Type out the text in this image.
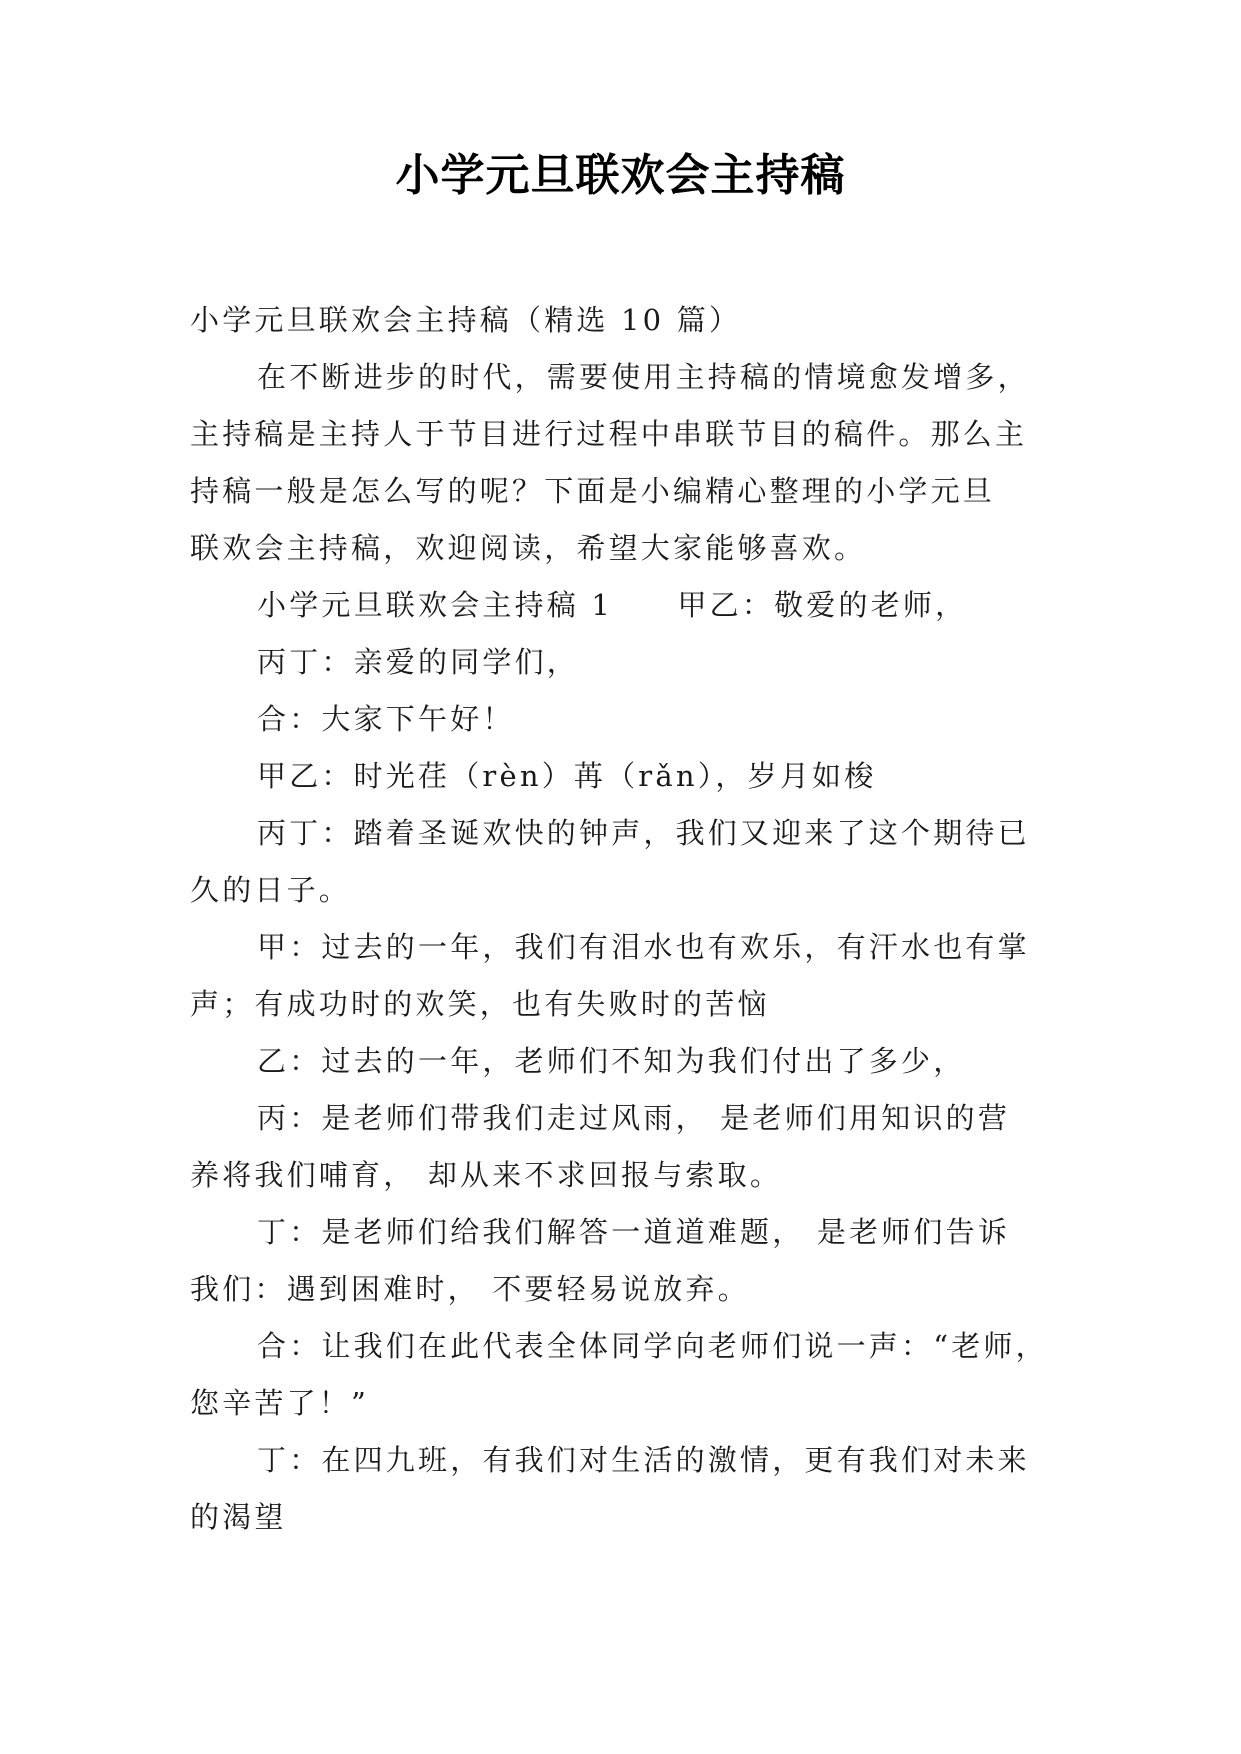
小学元旦联欢会主持稿

小学元旦联欢会主持稿（精选 10 篇）

在不断进步的时代，需要使用主持稿的情境愈发增多，

主持稿是主持人于节目进行过程中串联节目的稿件。那么主

持稿一般是怎么写的呢？下面是小编精心整理的小学元旦

联欢会主持稿，欢迎阅读，希望大家能够喜欢。

小学元旦联欢会主持稿 1　　甲乙：敬爱的老师，

丙丁：亲爱的同学们，

合：大家下午好！

甲乙：时光荏（rèn）苒（rǎn），岁月如梭

丙丁：踏着圣诞欢快的钟声，我们又迎来了这个期待已

久的日子。

甲：过去的一年，我们有泪水也有欢乐，有汗水也有掌

声；有成功时的欢笑，也有失败时的苦恼

乙：过去的一年，老师们不知为我们付出了多少，

丙：是老师们带我们走过风雨， 是老师们用知识的营

养将我们哺育， 却从来不求回报与索取。

丁：是老师们给我们解答一道道难题， 是老师们告诉

我们：遇到困难时， 不要轻易说放弃。

合：让我们在此代表全体同学向老师们说一声：“老师，

您辛苦了！”

丁：在四九班，有我们对生活的激情，更有我们对未来

的渴望
